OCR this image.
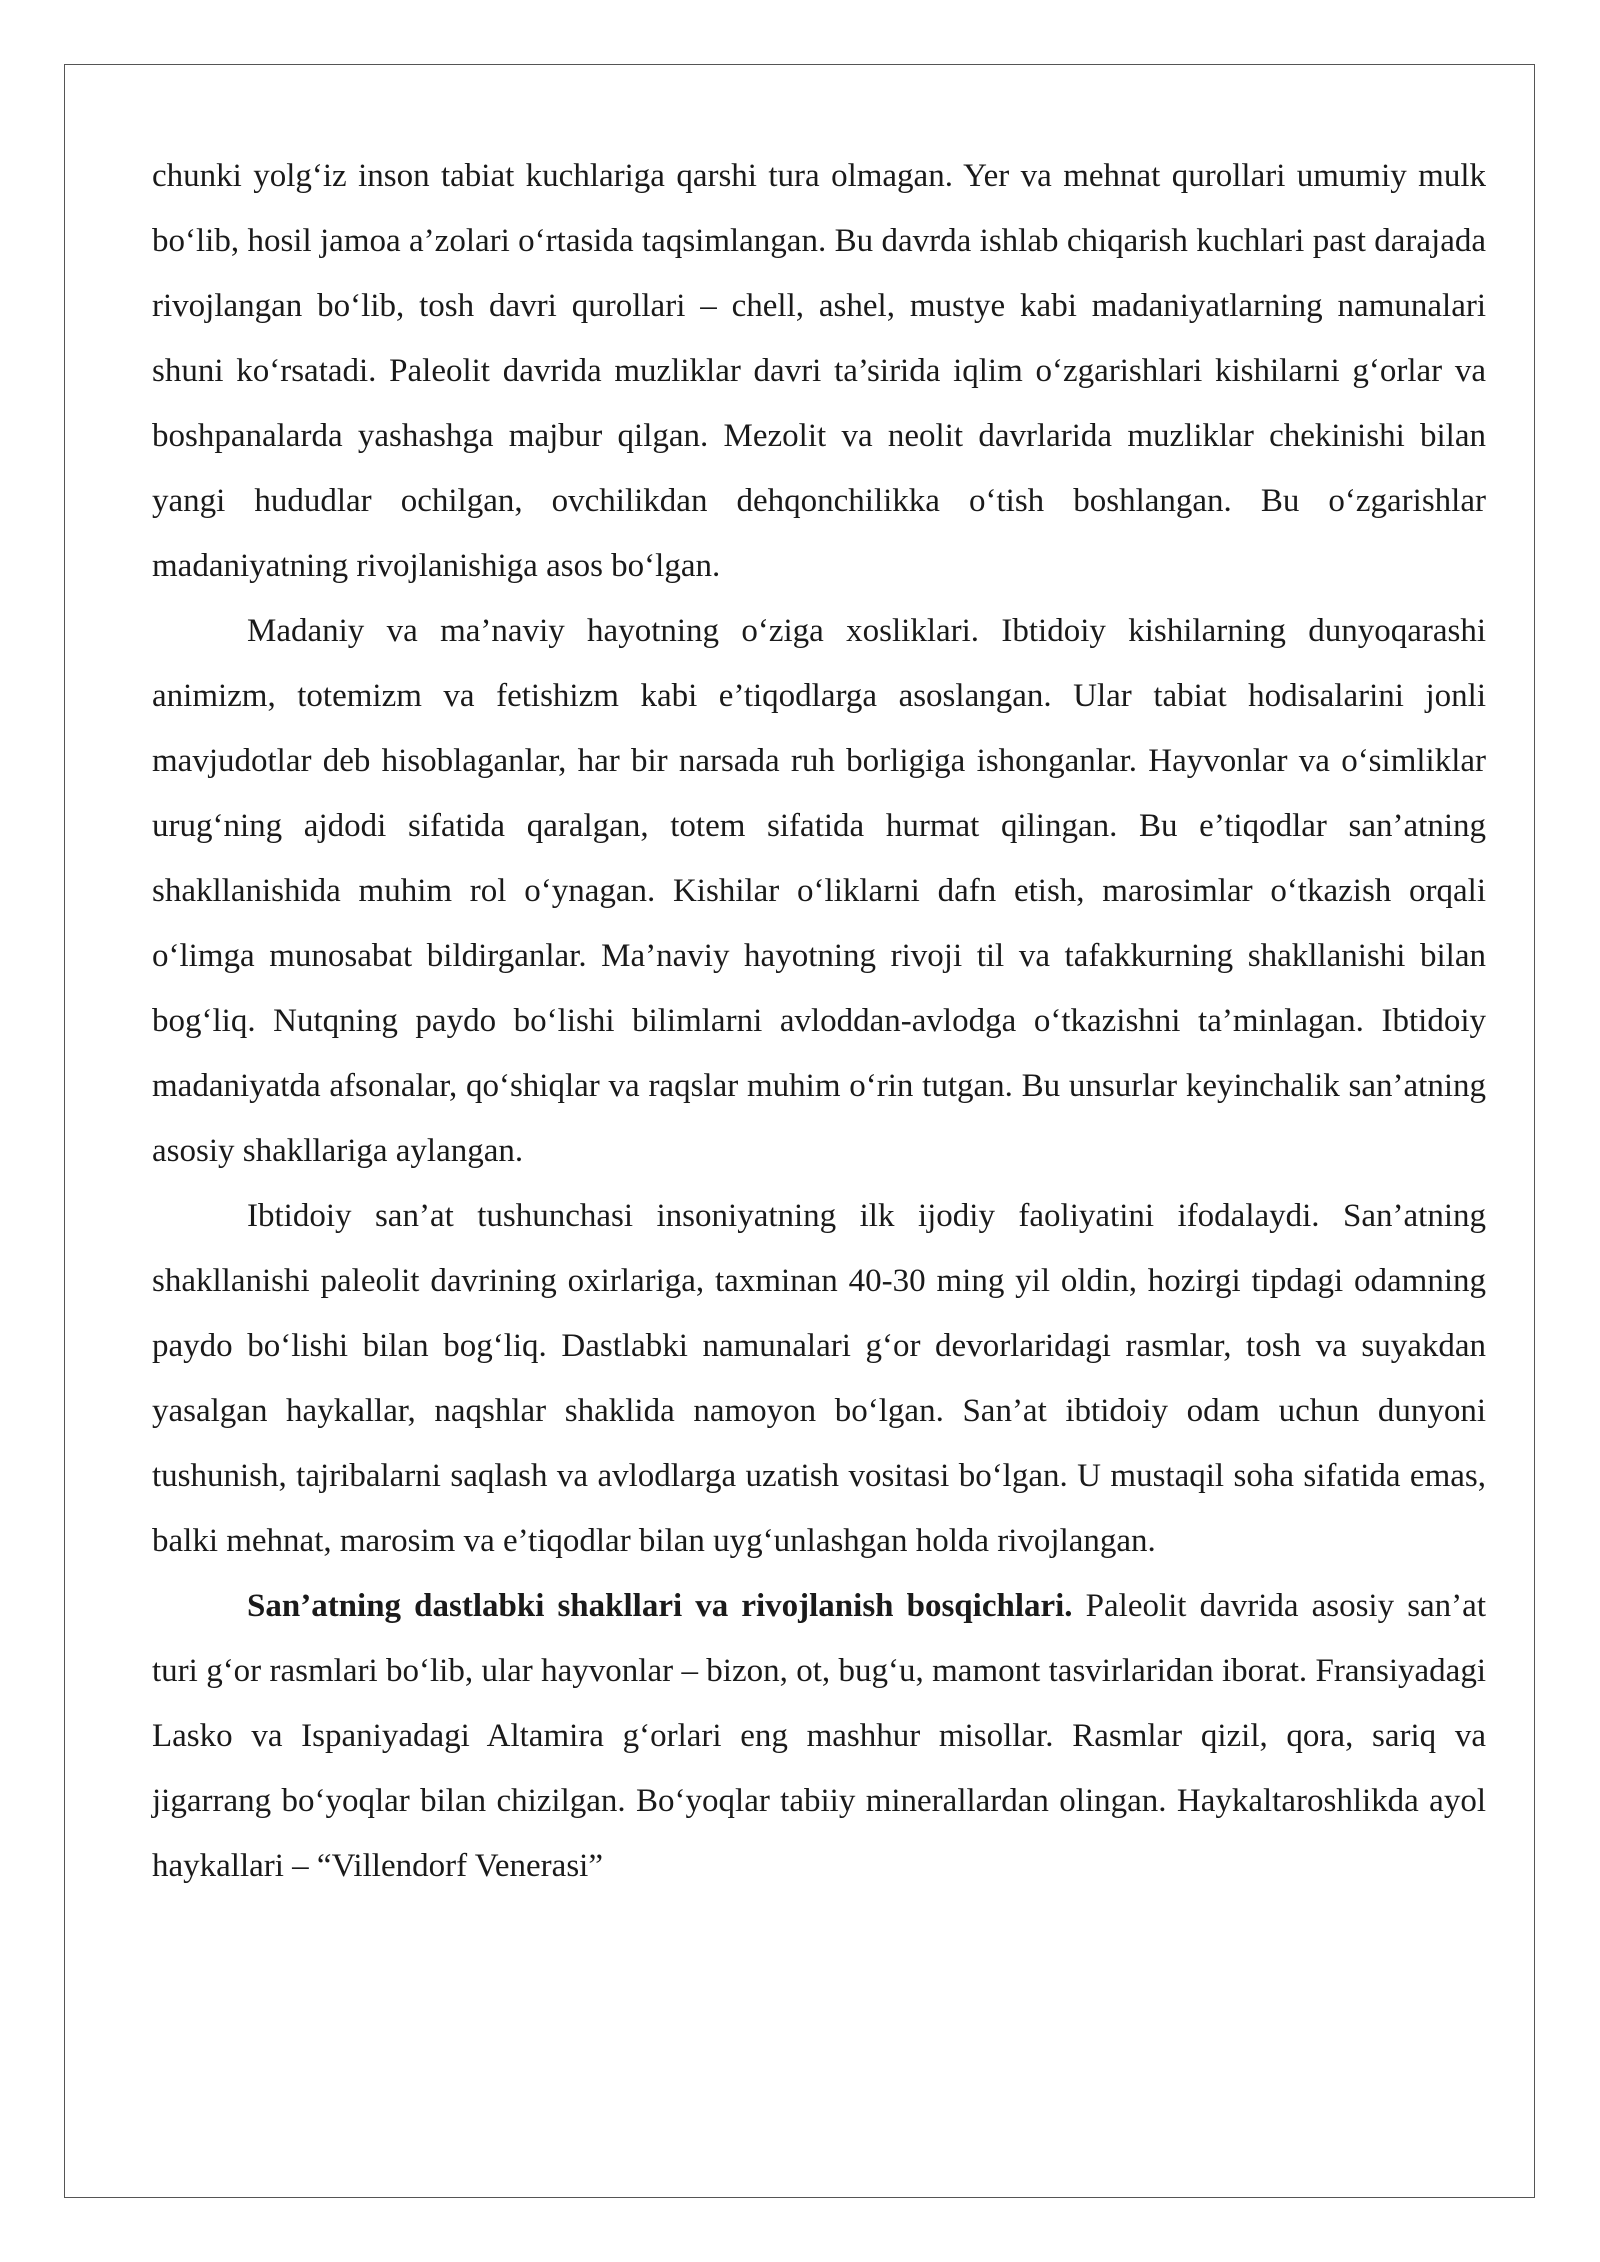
chunki yolg‘iz inson tabiat kuchlariga qarshi tura olmagan. Yer va mehnat qurollari umumiy mulk bo‘lib, hosil jamoa a’zolari o‘rtasida taqsimlangan. Bu davrda ishlab chiqarish kuchlari past darajada rivojlangan bo‘lib, tosh davri qurollari – chell, ashel, mustye kabi madaniyatlarning namunalari shuni ko‘rsatadi. Paleolit davrida muzliklar davri ta’sirida iqlim o‘zgarishlari kishilarni g‘orlar va boshpanalarda yashashga majbur qilgan. Mezolit va neolit davrlarida muzliklar chekinishi bilan yangi hududlar ochilgan, ovchilikdan dehqonchilikka o‘tish boshlangan. Bu o‘zgarishlar madaniyatning rivojlanishiga asos bo‘lgan.

Madaniy va ma’naviy hayotning o‘ziga xosliklari. Ibtidoiy kishilarning dunyoqarashi animizm, totemizm va fetishizm kabi e’tiqodlarga asoslangan. Ular tabiat hodisalarini jonli mavjudotlar deb hisoblaganlar, har bir narsada ruh borligiga ishonganlar. Hayvonlar va o‘simliklar urug‘ning ajdodi sifatida qaralgan, totem sifatida hurmat qilingan. Bu e’tiqodlar san’atning shakllanishida muhim rol o‘ynagan. Kishilar o‘liklarni dafn etish, marosimlar o‘tkazish orqali o‘limga munosabat bildirganlar. Ma’naviy hayotning rivoji til va tafakkurning shakllanishi bilan bog‘liq. Nutqning paydo bo‘lishi bilimlarni avloddan-avlodga o‘tkazishni ta’minlagan. Ibtidoiy madaniyatda afsonalar, qo‘shiqlar va raqslar muhim o‘rin tutgan. Bu unsurlar keyinchalik san’atning asosiy shakllariga aylangan.

Ibtidoiy san’at tushunchasi insoniyatning ilk ijodiy faoliyatini ifodalaydi. San’atning shakllanishi paleolit davrining oxirlariga, taxminan 40-30 ming yil oldin, hozirgi tipdagi odamning paydo bo‘lishi bilan bog‘liq. Dastlabki namunalari g‘or devorlaridagi rasmlar, tosh va suyakdan yasalgan haykallar, naqshlar shaklida namoyon bo‘lgan. San’at ibtidoiy odam uchun dunyoni tushunish, tajribalarni saqlash va avlodlarga uzatish vositasi bo‘lgan. U mustaqil soha sifatida emas, balki mehnat, marosim va e’tiqodlar bilan uyg‘unlashgan holda rivojlangan.

San’atning dastlabki shakllari va rivojlanish bosqichlari. Paleolit davrida asosiy san’at turi g‘or rasmlari bo‘lib, ular hayvonlar – bizon, ot, bug‘u, mamont tasvirlaridan iborat. Fransiyadagi Lasko va Ispaniyadagi Altamira g‘orlari eng mashhur misollar. Rasmlar qizil, qora, sariq va jigarrang bo‘yoqlar bilan chizilgan. Bo‘yoqlar tabiiy minerallardan olingan. Haykaltaroshlikda ayol haykallari – “Villendorf Venerasi”
